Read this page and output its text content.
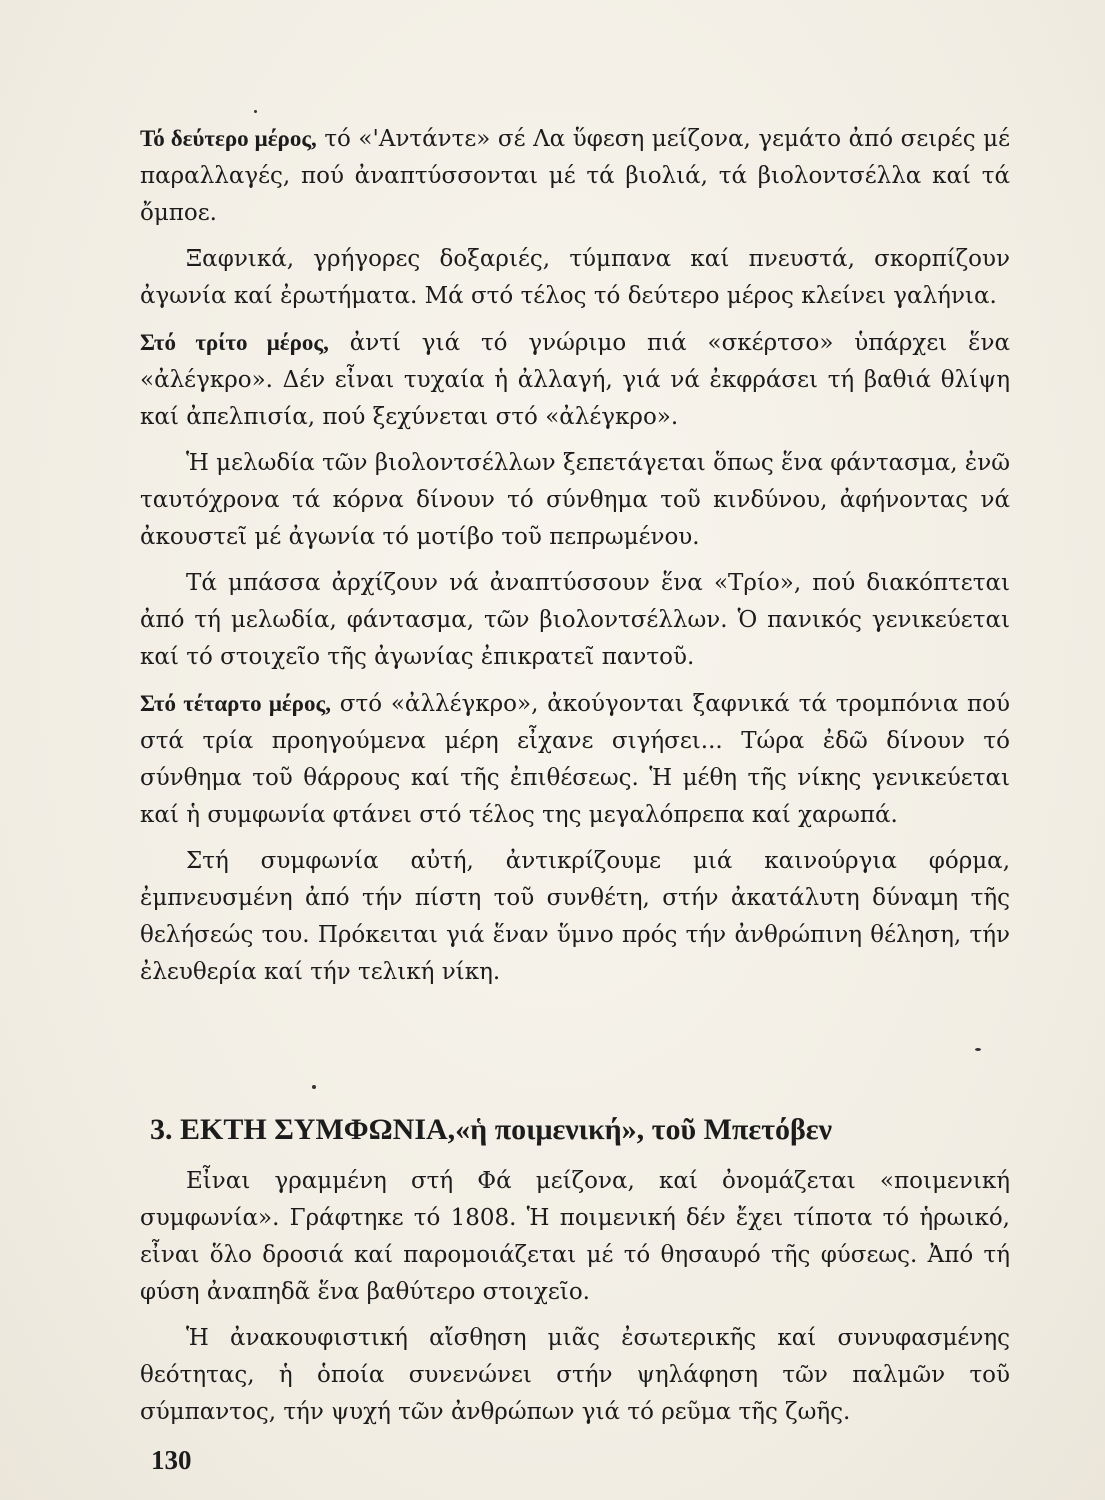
Τό δεύτερο μέρος, τό «'Αντάντε» σέ Λα ὕφεση μείζονα, γεμάτο ἀπό σειρές μέ παραλλαγές, πού ἀναπτύσσονται μέ τά βιολιά, τά βιολοντσέλλα καί τά ὄμποε.

Ξαφνικά, γρήγορες δοξαριές, τύμπανα καί πνευστά, σκορπίζουν ἀγωνία καί ἐρωτήματα. Μά στό τέλος τό δεύτερο μέρος κλείνει γαλήνια.

Στό τρίτο μέρος, ἀντί γιά τό γνώριμο πιά «σκέρτσο» ὑπάρχει ἕνα «ἀλέγκρο». Δέν εἶναι τυχαία ἡ ἀλλαγή, γιά νά ἐκφράσει τή βαθιά θλίψη καί ἀπελπισία, πού ξεχύνεται στό «ἀλέγκρο».

Ἡ μελωδία τῶν βιολοντσέλλων ξεπετάγεται ὅπως ἕνα φάντασμα, ἐνῶ ταυτόχρονα τά κόρνα δίνουν τό σύνθημα τοῦ κινδύνου, ἀφήνοντας νά ἀκουστεῖ μέ ἀγωνία τό μοτίβο τοῦ πεπρωμένου.

Τά μπάσσα ἀρχίζουν νά ἀναπτύσσουν ἕνα «Τρίο», πού διακόπτεται ἀπό τή μελωδία, φάντασμα, τῶν βιολοντσέλλων. Ὁ πανικός γενικεύεται καί τό στοιχεῖο τῆς ἀγωνίας ἐπικρατεῖ παντοῦ.

Στό τέταρτο μέρος, στό «ἀλλέγκρο», ἀκούγονται ξαφνικά τά τρομπόνια πού στά τρία προηγούμενα μέρη εἶχανε σιγήσει... Τώρα ἐδῶ δίνουν τό σύνθημα τοῦ θάρρους καί τῆς ἐπιθέσεως. Ἡ μέθη τῆς νίκης γενικεύεται καί ἡ συμφωνία φτάνει στό τέλος της μεγαλόπρεπα καί χαρωπά.

Στή συμφωνία αὐτή, ἀντικρίζουμε μιά καινούργια φόρμα, ἐμπνευσμένη ἀπό τήν πίστη τοῦ συνθέτη, στήν ἀκατάλυτη δύναμη τῆς θελήσεώς του. Πρόκειται γιά ἕναν ὕμνο πρός τήν ἀνθρώπινη θέληση, τήν ἐλευθερία καί τήν τελική νίκη.

3. ΕΚΤΗ ΣΥΜΦΩΝΙΑ,«ἡ ποιμενική», τοῦ Μπετόβεν

Εἶναι γραμμένη στή Φά μείζονα, καί ὀνομάζεται «ποιμενική συμφωνία». Γράφτηκε τό 1808. Ἡ ποιμενική δέν ἔχει τίποτα τό ἡρωικό, εἶναι ὅλο δροσιά καί παρομοιάζεται μέ τό θησαυρό τῆς φύσεως. Ἀπό τή φύση ἀναπηδᾶ ἕνα βαθύτερο στοιχεῖο.

Ἡ ἀνακουφιστική αἴσθηση μιᾶς ἐσωτερικῆς καί συνυφασμένης θεότητας, ἡ ὁποία συνενώνει στήν ψηλάφηση τῶν παλμῶν τοῦ σύμπαντος, τήν ψυχή τῶν ἀνθρώπων γιά τό ρεῦμα τῆς ζωῆς.

130
